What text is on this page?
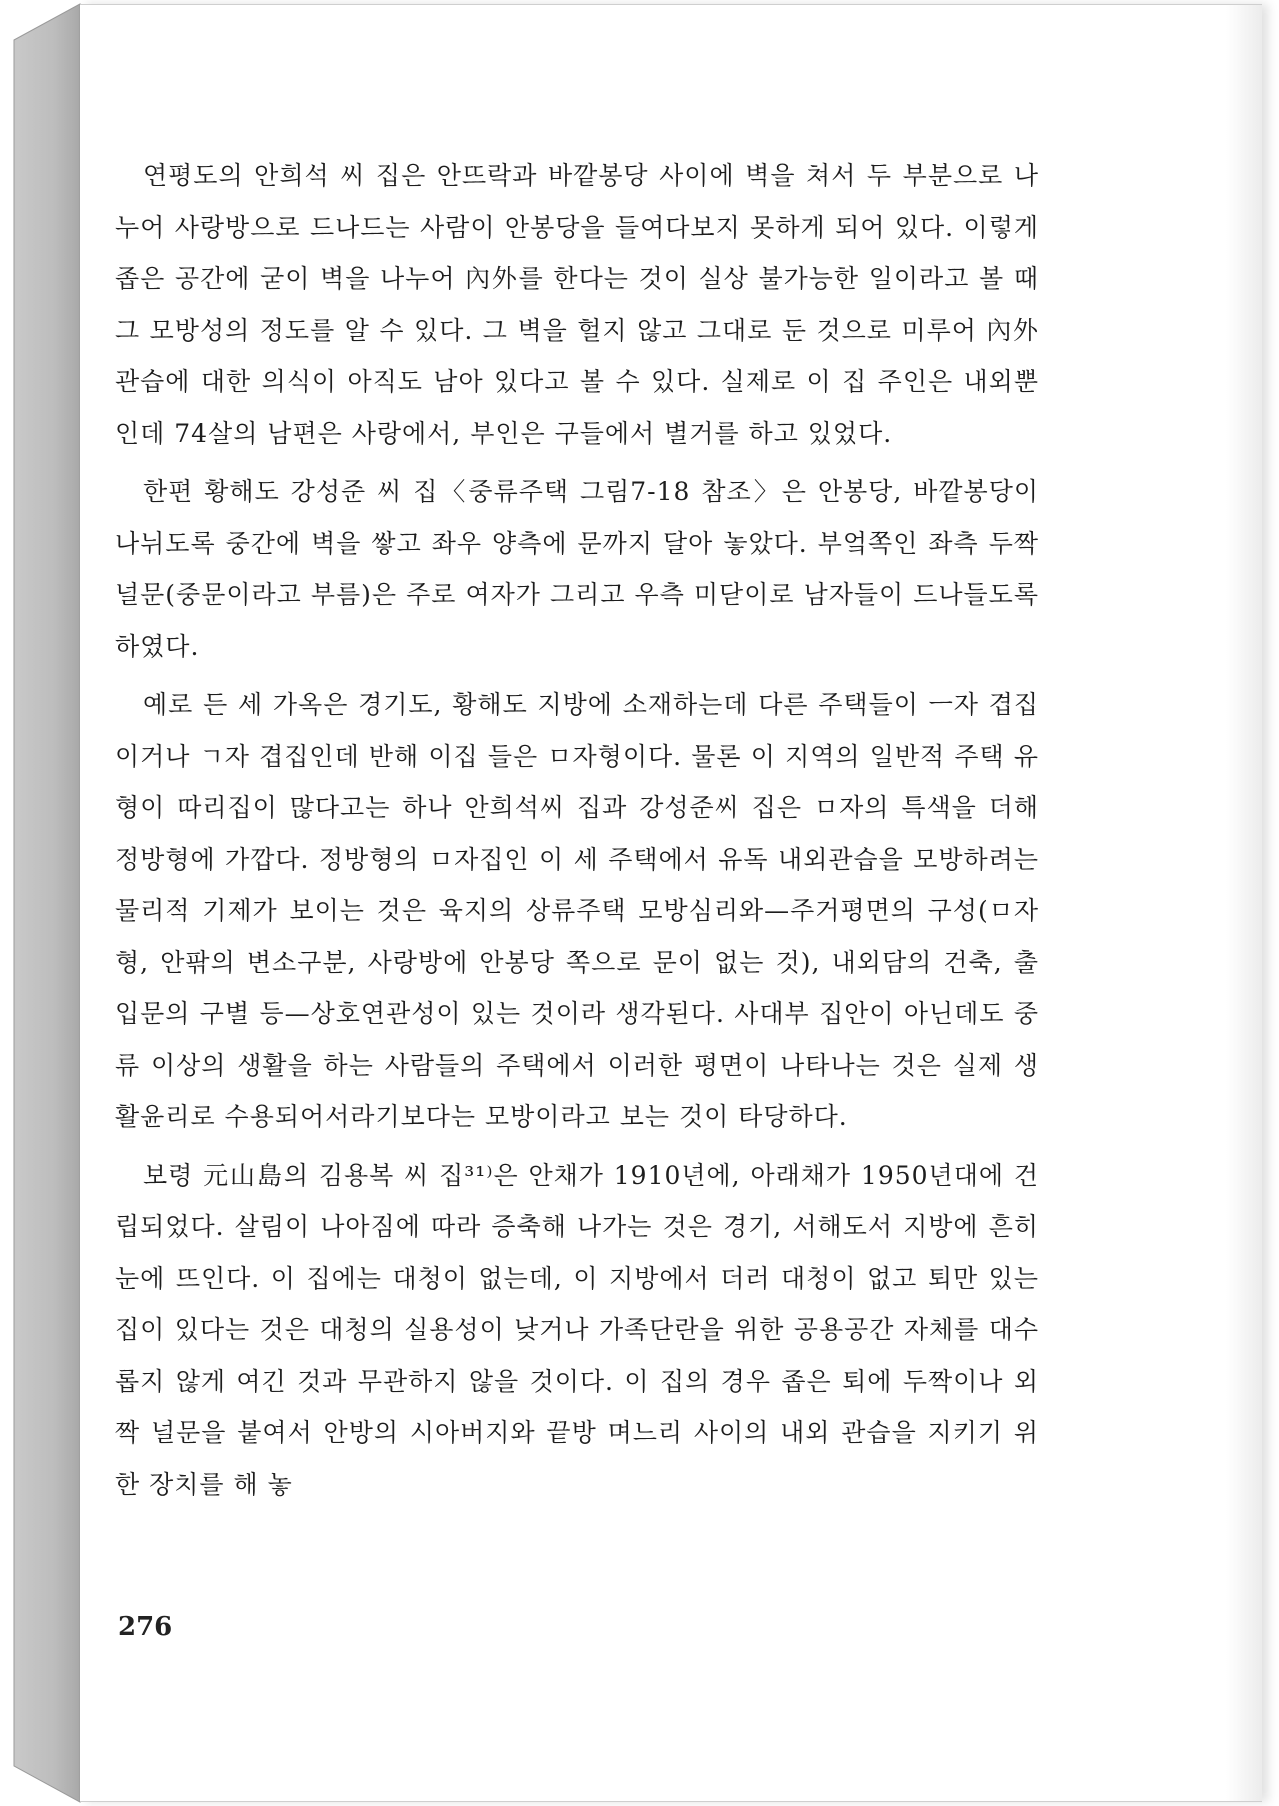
연평도의 안희석 씨 집은 안뜨락과 바깥봉당 사이에 벽을 쳐서 두 부분으로 나누어 사랑방으로 드나드는 사람이 안봉당을 들여다보지 못하게 되어 있다. 이렇게 좁은 공간에 굳이 벽을 나누어 內外를 한다는 것이 실상 불가능한 일이라고 볼 때 그 모방성의 정도를 알 수 있다. 그 벽을 헐지 않고 그대로 둔 것으로 미루어 內外 관습에 대한 의식이 아직도 남아 있다고 볼 수 있다. 실제로 이 집 주인은 내외뿐인데 74살의 남편은 사랑에서, 부인은 구들에서 별거를 하고 있었다.

한편 황해도 강성준 씨 집〈중류주택 그림7-18 참조〉은 안봉당, 바깥봉당이 나뉘도록 중간에 벽을 쌓고 좌우 양측에 문까지 달아 놓았다. 부엌쪽인 좌측 두짝 널문(중문이라고 부름)은 주로 여자가 그리고 우측 미닫이로 남자들이 드나들도록 하였다.

예로 든 세 가옥은 경기도, 황해도 지방에 소재하는데 다른 주택들이 ㅡ자 겹집이거나 ㄱ자 겹집인데 반해 이집 들은 ㅁ자형이다. 물론 이 지역의 일반적 주택 유형이 따리집이 많다고는 하나 안희석씨 집과 강성준씨 집은 ㅁ자의 특색을 더해 정방형에 가깝다. 정방형의 ㅁ자집인 이 세 주택에서 유독 내외관습을 모방하려는 물리적 기제가 보이는 것은 육지의 상류주택 모방심리와—주거평면의 구성(ㅁ자형, 안팎의 변소구분, 사랑방에 안봉당 쪽으로 문이 없는 것), 내외담의 건축, 출입문의 구별 등—상호연관성이 있는 것이라 생각된다. 사대부 집안이 아닌데도 중류 이상의 생활을 하는 사람들의 주택에서 이러한 평면이 나타나는 것은 실제 생활윤리로 수용되어서라기보다는 모방이라고 보는 것이 타당하다.

보령 元山島의 김용복 씨 집³¹⁾은 안채가 1910년에, 아래채가 1950년대에 건립되었다. 살림이 나아짐에 따라 증축해 나가는 것은 경기, 서해도서 지방에 흔히 눈에 뜨인다. 이 집에는 대청이 없는데, 이 지방에서 더러 대청이 없고 퇴만 있는 집이 있다는 것은 대청의 실용성이 낮거나 가족단란을 위한 공용공간 자체를 대수롭지 않게 여긴 것과 무관하지 않을 것이다. 이 집의 경우 좁은 퇴에 두짝이나 외짝 널문을 붙여서 안방의 시아버지와 끝방 며느리 사이의 내외 관습을 지키기 위한 장치를 해 놓

276
